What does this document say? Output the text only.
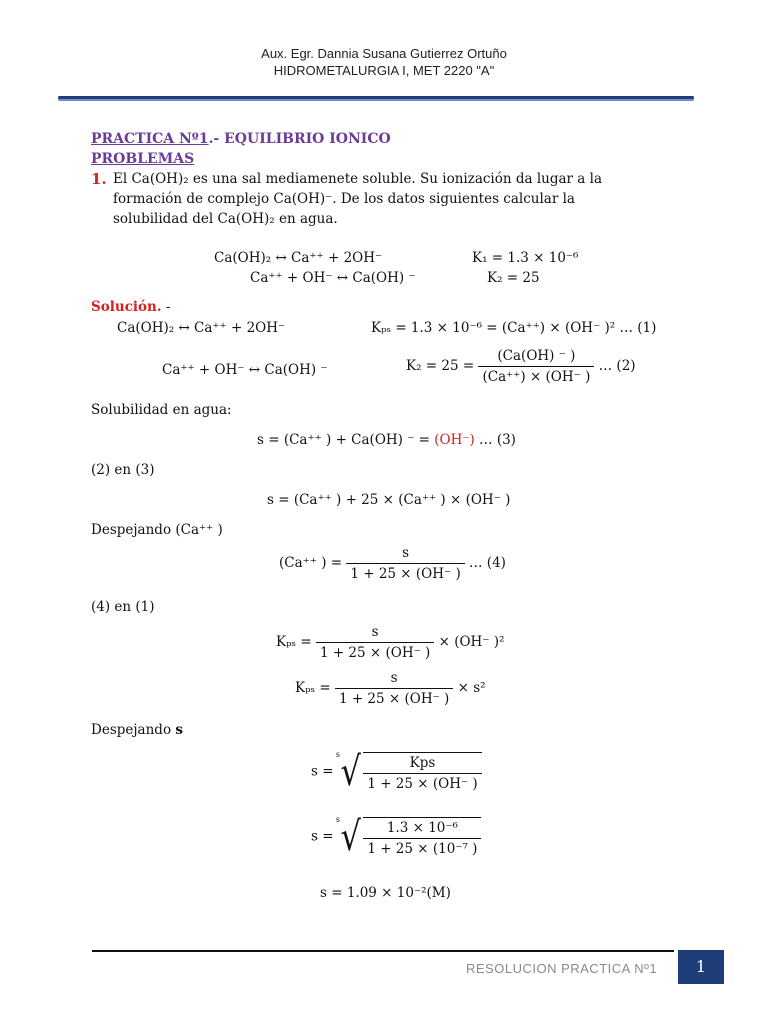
Aux. Egr. Dannia Susana Gutierrez Ortuño
HIDROMETALURGIA I, MET 2220 "A"
PRACTICA Nº1.- EQUILIBRIO IONICO
PROBLEMAS
1. El Ca(OH)₂ es una sal mediamenete soluble. Su ionización da lugar a la
formación de complejo Ca(OH)⁻. De los datos siguientes calcular la
solubilidad del Ca(OH)₂ en agua.
Ca(OH)₂ ↔ Ca⁺⁺ + 2OH⁻	K₁ = 1.3 × 10⁻⁶
Ca⁺⁺ + OH⁻ ↔ Ca(OH) ⁻	K₂ = 25
Solución. -
Ca(OH)₂ ↔ Ca⁺⁺ + 2OH⁻	Kₚₛ = 1.3 × 10⁻⁶ = (Ca⁺⁺) × (OH⁻ )² … (1)
Ca⁺⁺ + OH⁻ ↔ Ca(OH) ⁻	$K_2 = 25 = \frac{(Ca(OH) ^- )}{(Ca^{++}) \times (OH^- )}$ … (2)
Solubilidad en agua:
s = (Ca⁺⁺ ) + Ca(OH) ⁻ = (OH⁻) … (3)
(2) en (3)
s = (Ca⁺⁺ ) + 25 × (Ca⁺⁺ ) × (OH⁻ )
Despejando (Ca⁺⁺ )
(Ca⁺⁺ ) = $\frac{s}{1 + 25 \times (OH^- )}$ … (4)
(4) en (1)
$K_{ps} = \frac{s}{1 + 25 \times (OH^- )} \times (OH^-$ )²
$K_{ps} = \frac{s}{1 + 25 \times (OH^- )} \times s^2$
Despejando s
s =
s √ $\frac{\text{Kps}}{1 + 25 \times (OH^- )}$
s =
s √ $\frac{\text{1.3 × 10⁻⁶}}{\text{1 + 25 × (10⁻⁷ )}}$
s = 1.09 × 10⁻²(M)
RESOLUCION PRACTICA Nº1	1
